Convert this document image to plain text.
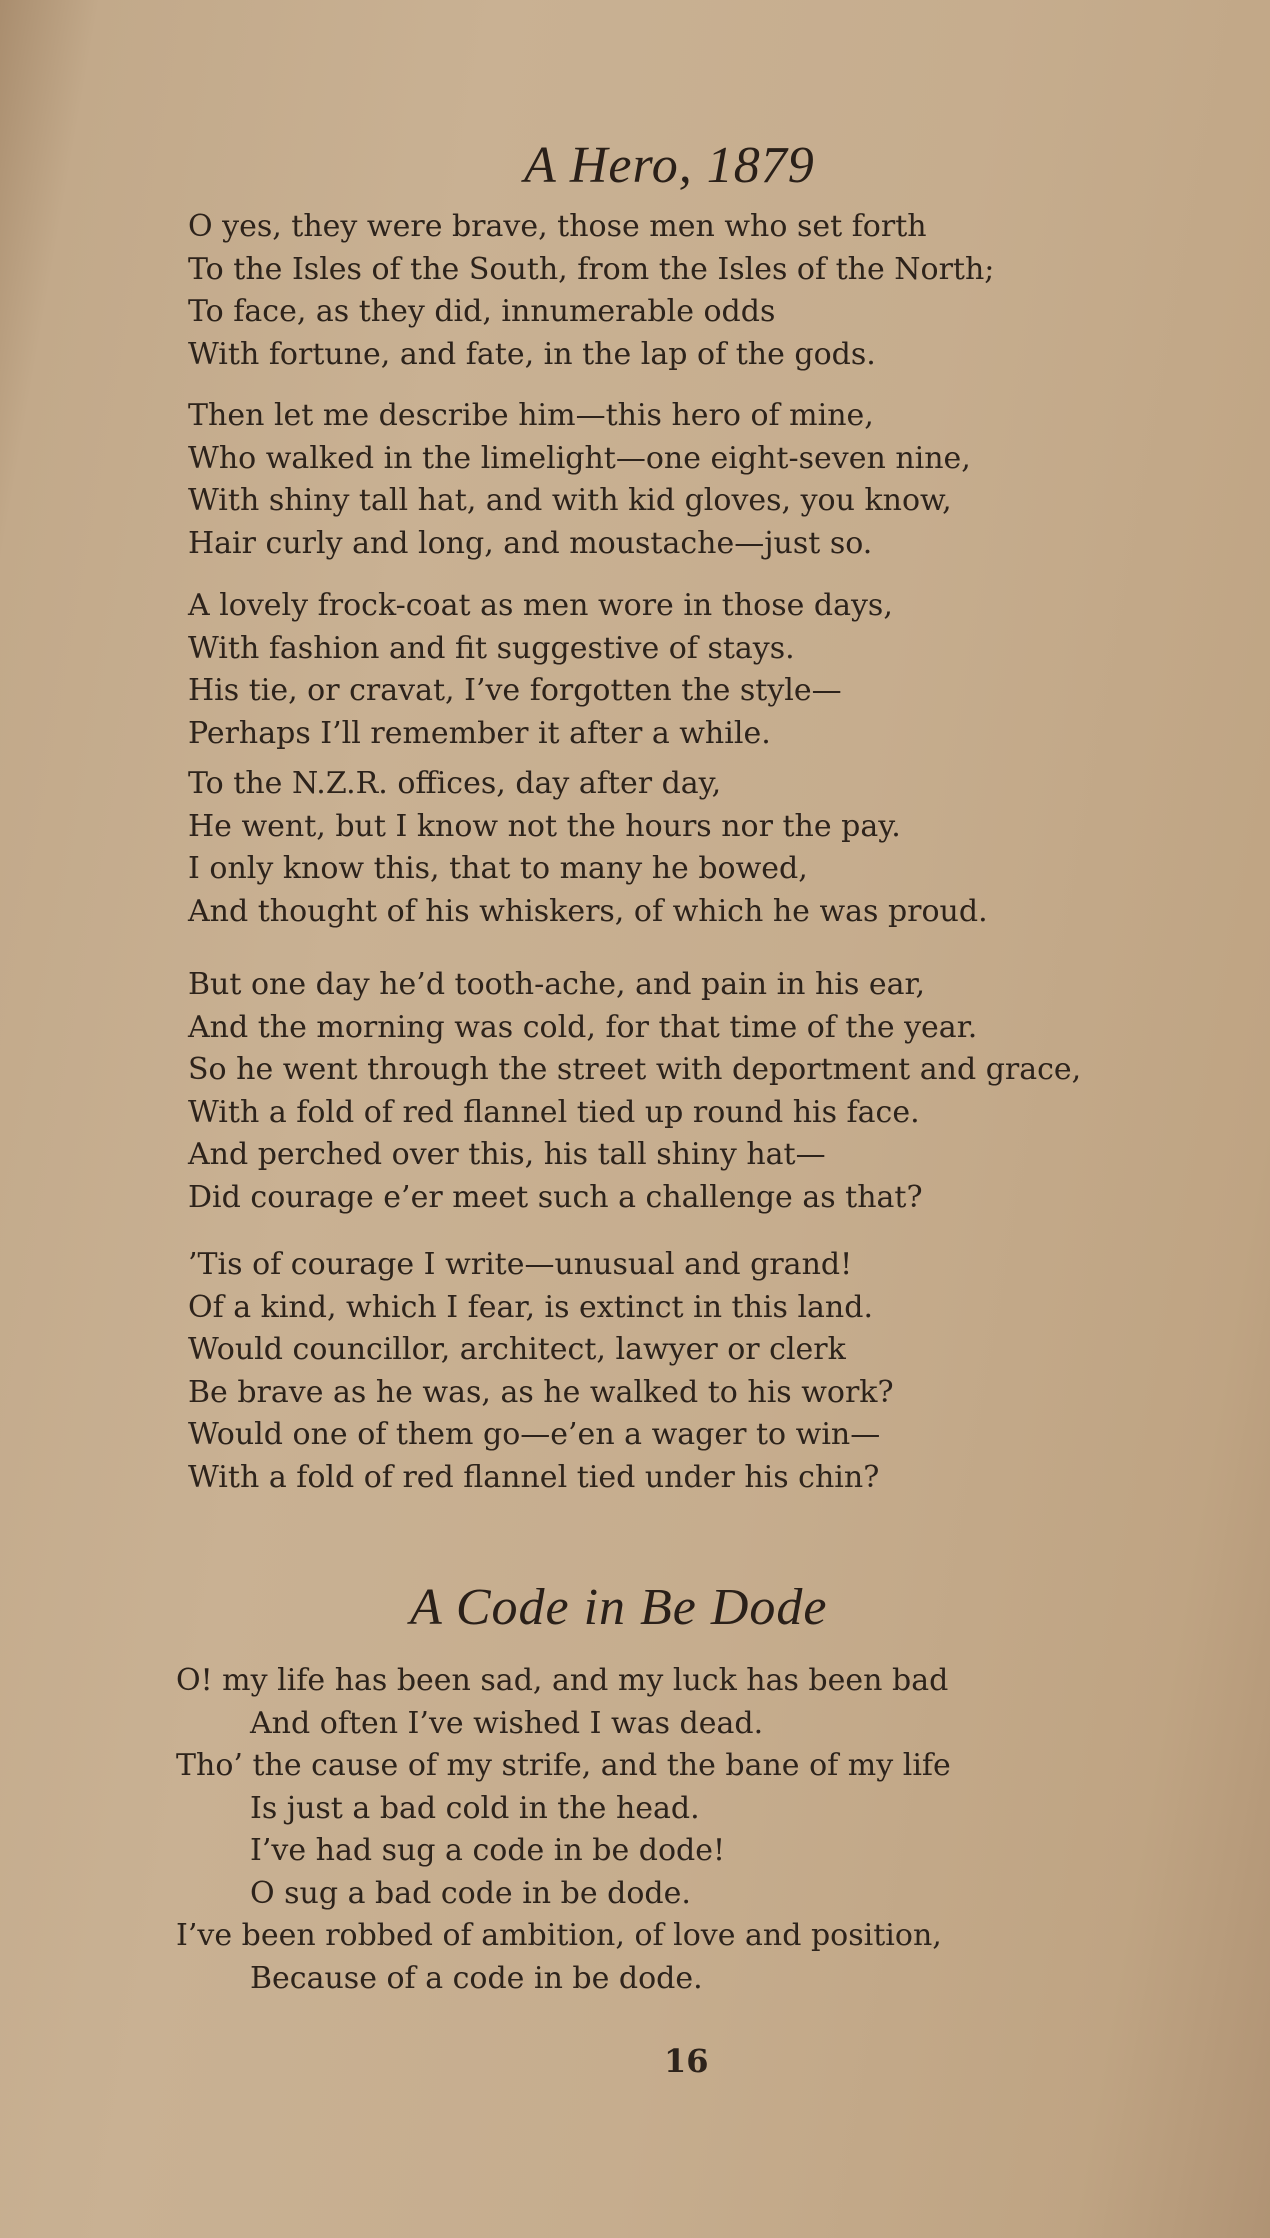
A Hero, 1879
O yes, they were brave, those men who set forth
To the Isles of the South, from the Isles of the North;
To face, as they did, innumerable odds
With fortune, and fate, in the lap of the gods.
Then let me describe him—this hero of mine,
Who walked in the limelight—one eight-seven nine,
With shiny tall hat, and with kid gloves, you know,
Hair curly and long, and moustache—just so.
A lovely frock-coat as men wore in those days,
With fashion and fit suggestive of stays.
His tie, or cravat, I’ve forgotten the style—
Perhaps I’ll remember it after a while.
To the N.Z.R. offices, day after day,
He went, but I know not the hours nor the pay.
I only know this, that to many he bowed,
And thought of his whiskers, of which he was proud.
But one day he’d tooth-ache, and pain in his ear,
And the morning was cold, for that time of the year.
So he went through the street with deportment and grace,
With a fold of red flannel tied up round his face.
And perched over this, his tall shiny hat—
Did courage e’er meet such a challenge as that?
’Tis of courage I write—unusual and grand!
Of a kind, which I fear, is extinct in this land.
Would councillor, architect, lawyer or clerk
Be brave as he was, as he walked to his work?
Would one of them go—e’en a wager to win—
With a fold of red flannel tied under his chin?
A Code in Be Dode
O! my life has been sad, and my luck has been bad
And often I’ve wished I was dead.
Tho’ the cause of my strife, and the bane of my life
Is just a bad cold in the head.
I’ve had sug a code in be dode!
O sug a bad code in be dode.
I’ve been robbed of ambition, of love and position,
Because of a code in be dode.

16
